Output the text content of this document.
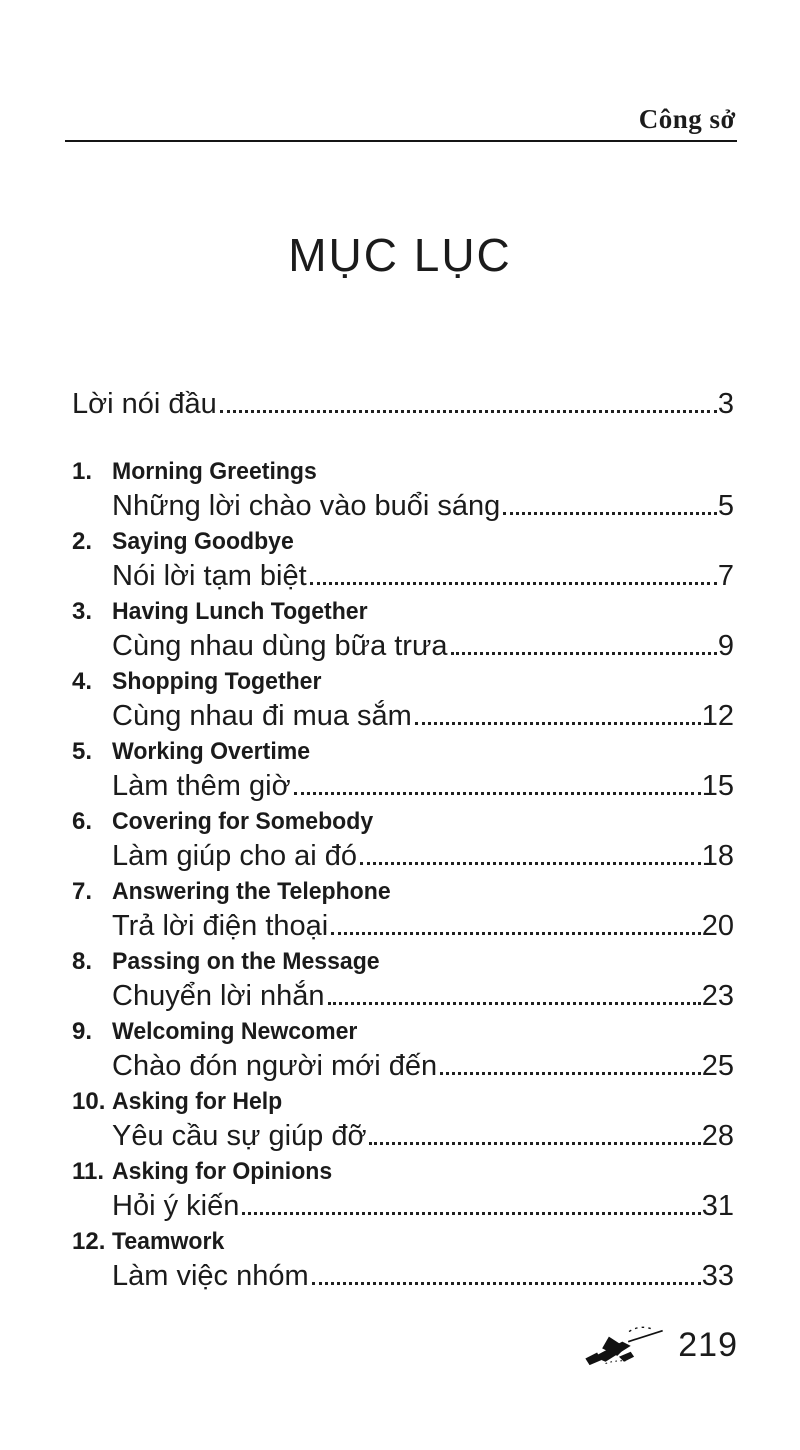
Công sở
MỤC LỤC
Lời nói đầu	3
1. Morning Greetings
Những lời chào vào buổi sáng	5
2. Saying Goodbye
Nói lời tạm biệt	7
3. Having Lunch Together
Cùng nhau dùng bữa trưa	9
4. Shopping Together
Cùng nhau đi mua sắm	12
5. Working Overtime
Làm thêm giờ	15
6. Covering for Somebody
Làm giúp cho ai đó	18
7. Answering the Telephone
Trả lời điện thoại	20
8. Passing on the Message
Chuyển lời nhắn	23
9. Welcoming Newcomer
Chào đón người mới đến	25
10. Asking for Help
Yêu cầu sự giúp đỡ	28
11. Asking for Opinions
Hỏi ý kiến	31
12. Teamwork
Làm việc nhóm	33
219
